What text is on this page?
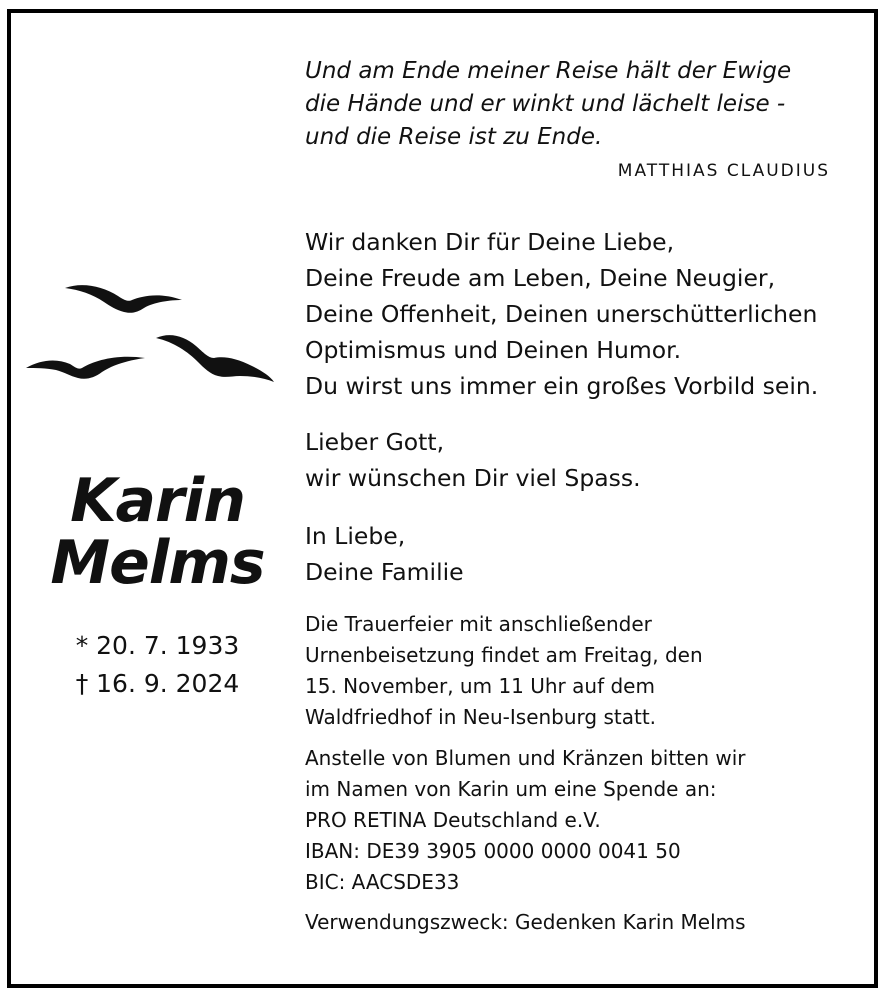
Und am Ende meiner Reise hält der Ewige
die Hände und er winkt und lächelt leise -
und die Reise ist zu Ende.
MATTHIAS CLAUDIUS
Wir danken Dir für Deine Liebe,
Deine Freude am Leben, Deine Neugier,
Deine Offenheit, Deinen unerschütterlichen
Optimismus und Deinen Humor.
Du wirst uns immer ein großes Vorbild sein.
Lieber Gott,
wir wünschen Dir viel Spass.
In Liebe,
Deine Familie
Die Trauerfeier mit anschließender
Urnenbeisetzung findet am Freitag, den
15. November, um 11 Uhr auf dem
Waldfriedhof in Neu-Isenburg statt.
Anstelle von Blumen und Kränzen bitten wir
im Namen von Karin um eine Spende an:
PRO RETINA Deutschland e.V.
IBAN: DE39 3905 0000 0000 0041 50
BIC: AACSDE33
Verwendungszweck: Gedenken Karin Melms
Karin
Melms
* 20. 7. 1933
† 16. 9. 2024
